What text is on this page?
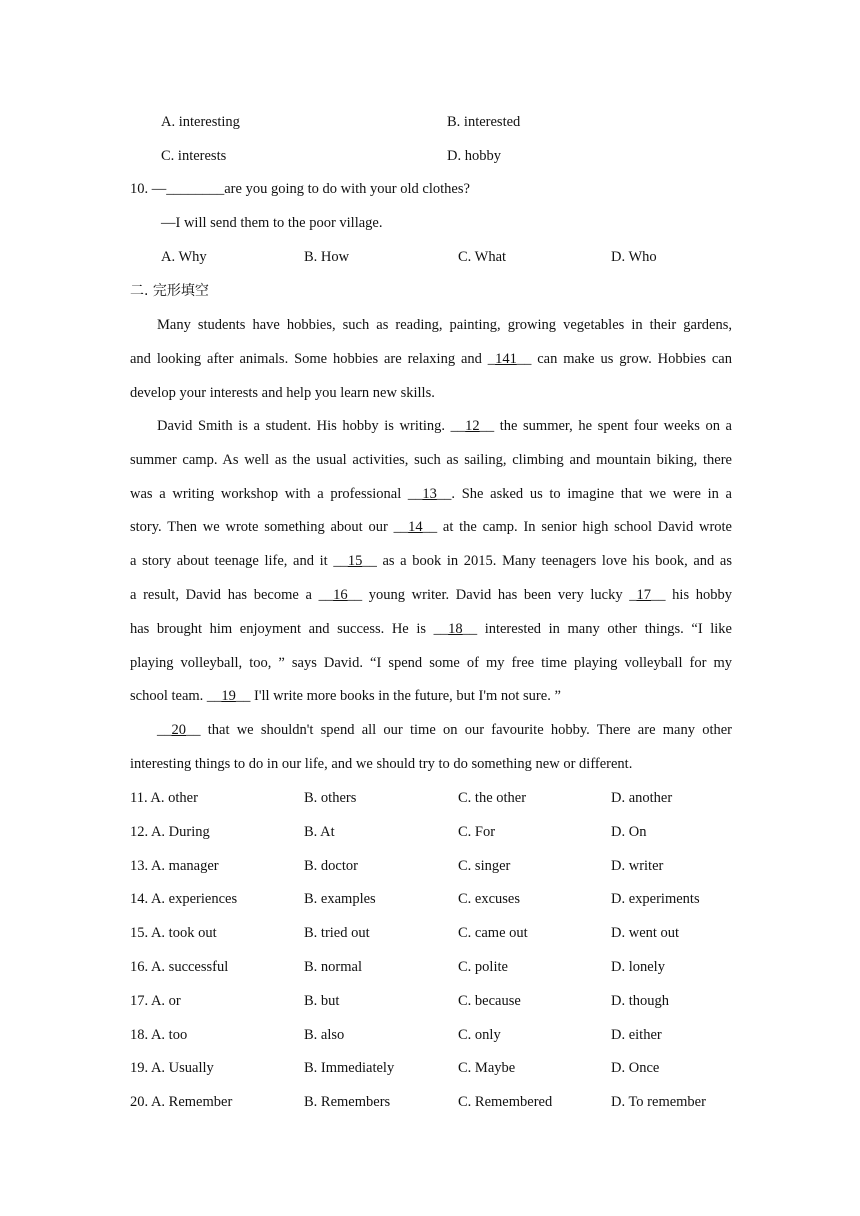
A. interesting	B. interested
C. interests	D. hobby
10. —________are you going to do with your old clothes?
—I will send them to the poor village.
A. Why	B. How	C. What	D. Who
二. 完形填空
Many students have hobbies, such as reading, painting, growing vegetables in their gardens,
and looking after animals. Some hobbies are relaxing and _141__ can make us grow. Hobbies can
develop your interests and help you learn new skills.
David Smith is a student. His hobby is writing. __12__ the summer, he spent four weeks on a
summer camp. As well as the usual activities, such as sailing, climbing and mountain biking, there
was a writing workshop with a professional __13__. She asked us to imagine that we were in a
story. Then we wrote something about our __14__ at the camp. In senior high school David wrote
a story about teenage life, and it __15__ as a book in 2015. Many teenagers love his book, and as
a result, David has become a __16__ young writer. David has been very lucky _17__ his hobby
has brought him enjoyment and success. He is __18__ interested in many other things. “I like
playing volleyball, too, ” says David. “I spend some of my free time playing volleyball for my
school team. __19__ I'll write more books in the future, but I'm not sure. ”
__20__ that we shouldn't spend all our time on our favourite hobby. There are many other
interesting things to do in our life, and we should try to do something new or different.
11. A. other	B. others	C. the other	D. another
12. A. During	B. At	C. For	D. On
13. A. manager	B. doctor	C. singer	D. writer
14. A. experiences	B. examples	C. excuses	D. experiments
15. A. took out	B. tried out	C. came out	D. went out
16. A. successful	B. normal	C. polite	D. lonely
17. A. or	B. but	C. because	D. though
18. A. too	B. also	C. only	D. either
19. A. Usually	B. Immediately	C. Maybe	D. Once
20. A. Remember	B. Remembers	C. Remembered	D. To remember
